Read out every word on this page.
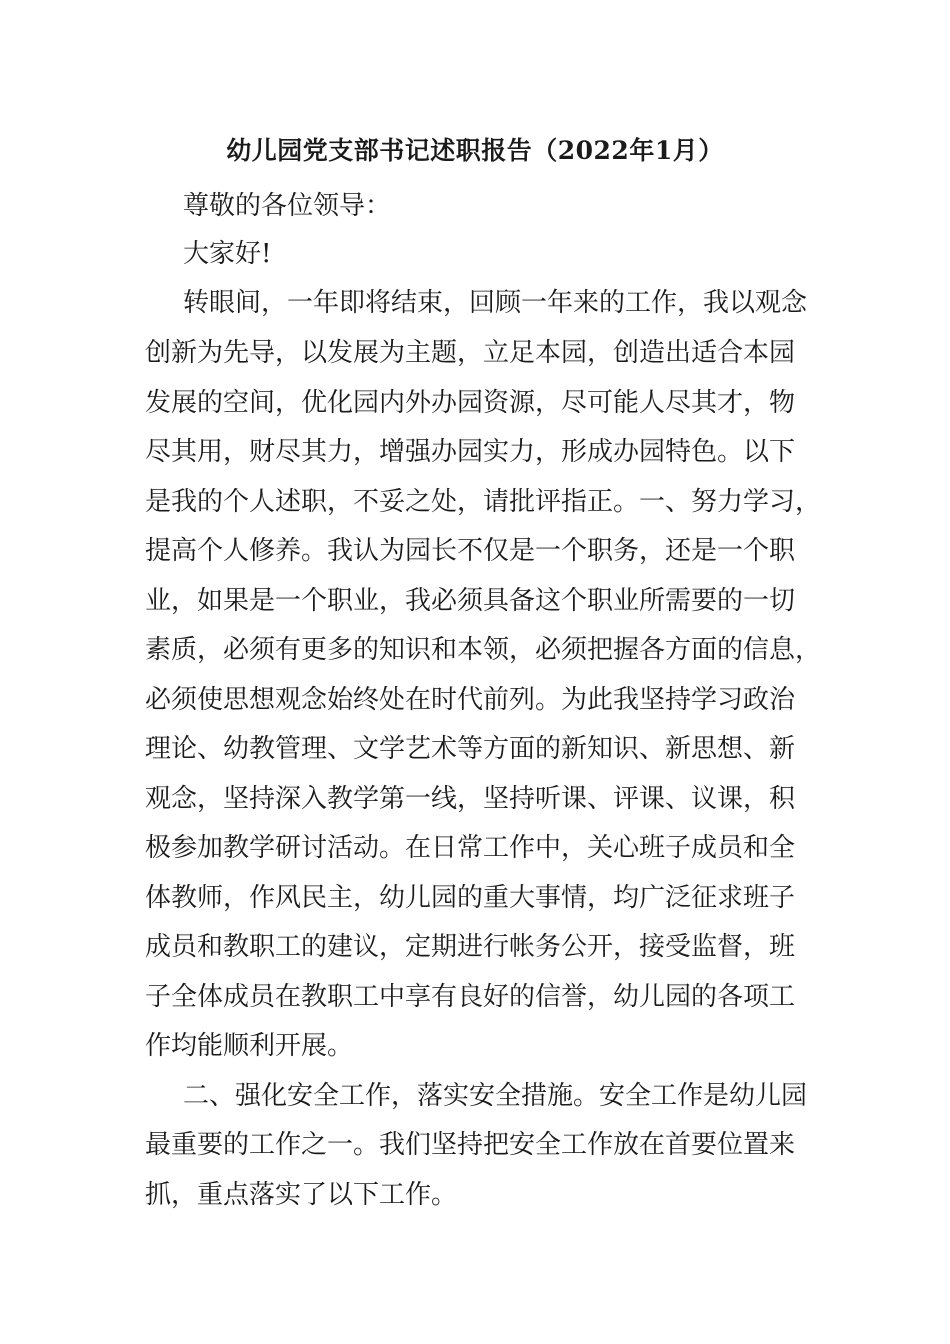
幼儿园党支部书记述职报告（2022年1月）
尊敬的各位领导：
大家好!
转眼间，一年即将结束，回顾一年来的工作，我以观念
创新为先导，以发展为主题，立足本园，创造出适合本园
发展的空间，优化园内外办园资源，尽可能人尽其才，物
尽其用，财尽其力，增强办园实力，形成办园特色。以下
是我的个人述职，不妥之处，请批评指正。一、努力学习，
提高个人修养。我认为园长不仅是一个职务，还是一个职
业，如果是一个职业，我必须具备这个职业所需要的一切
素质，必须有更多的知识和本领，必须把握各方面的信息，
必须使思想观念始终处在时代前列。为此我坚持学习政治
理论、幼教管理、文学艺术等方面的新知识、新思想、新
观念，坚持深入教学第一线，坚持听课、评课、议课，积
极参加教学研讨活动。在日常工作中，关心班子成员和全
体教师，作风民主，幼儿园的重大事情，均广泛征求班子
成员和教职工的建议，定期进行帐务公开，接受监督，班
子全体成员在教职工中享有良好的信誉，幼儿园的各项工
作均能顺利开展。
二、强化安全工作，落实安全措施。安全工作是幼儿园
最重要的工作之一。我们坚持把安全工作放在首要位置来
抓，重点落实了以下工作。
